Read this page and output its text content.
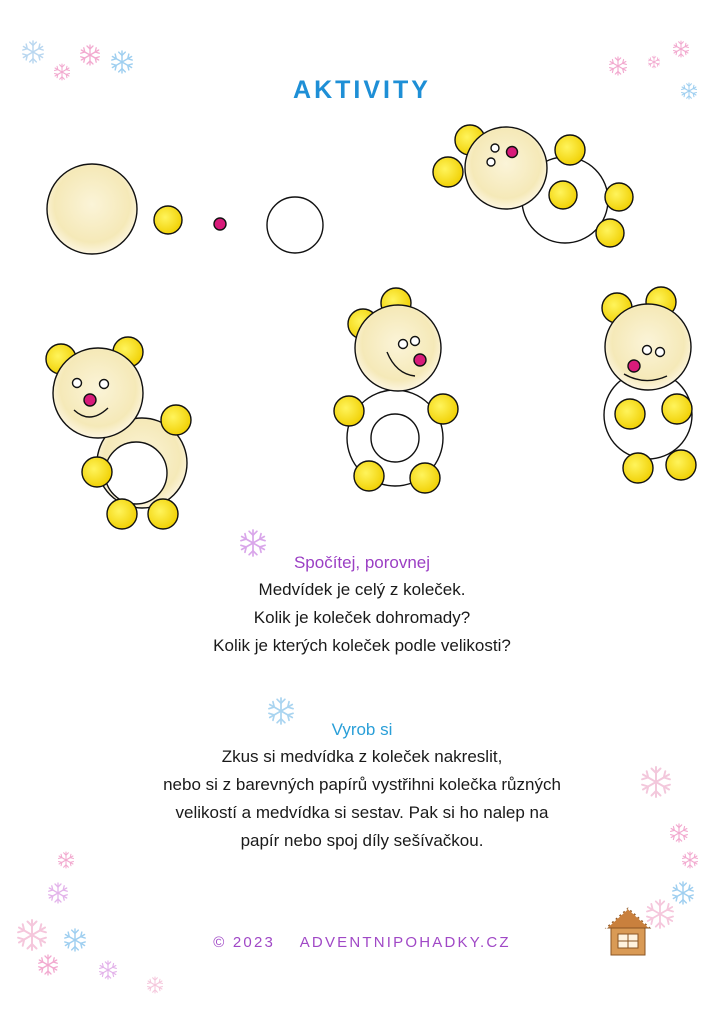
AKTIVITY
Spočítej, porovnej
Medvídek je celý z koleček.
Kolik je koleček dohromady?
Kolik je kterých koleček podle velikosti?
Vyrob si
Zkus si medvídka z koleček nakreslit,
nebo si z barevných papírů vystřihni kolečka různých
velikostí a medvídka si sestav. Pak si ho nalep na
papír nebo spoj díly sešívačkou.
© 2023 ADVENTNIPOHADKY.CZ
